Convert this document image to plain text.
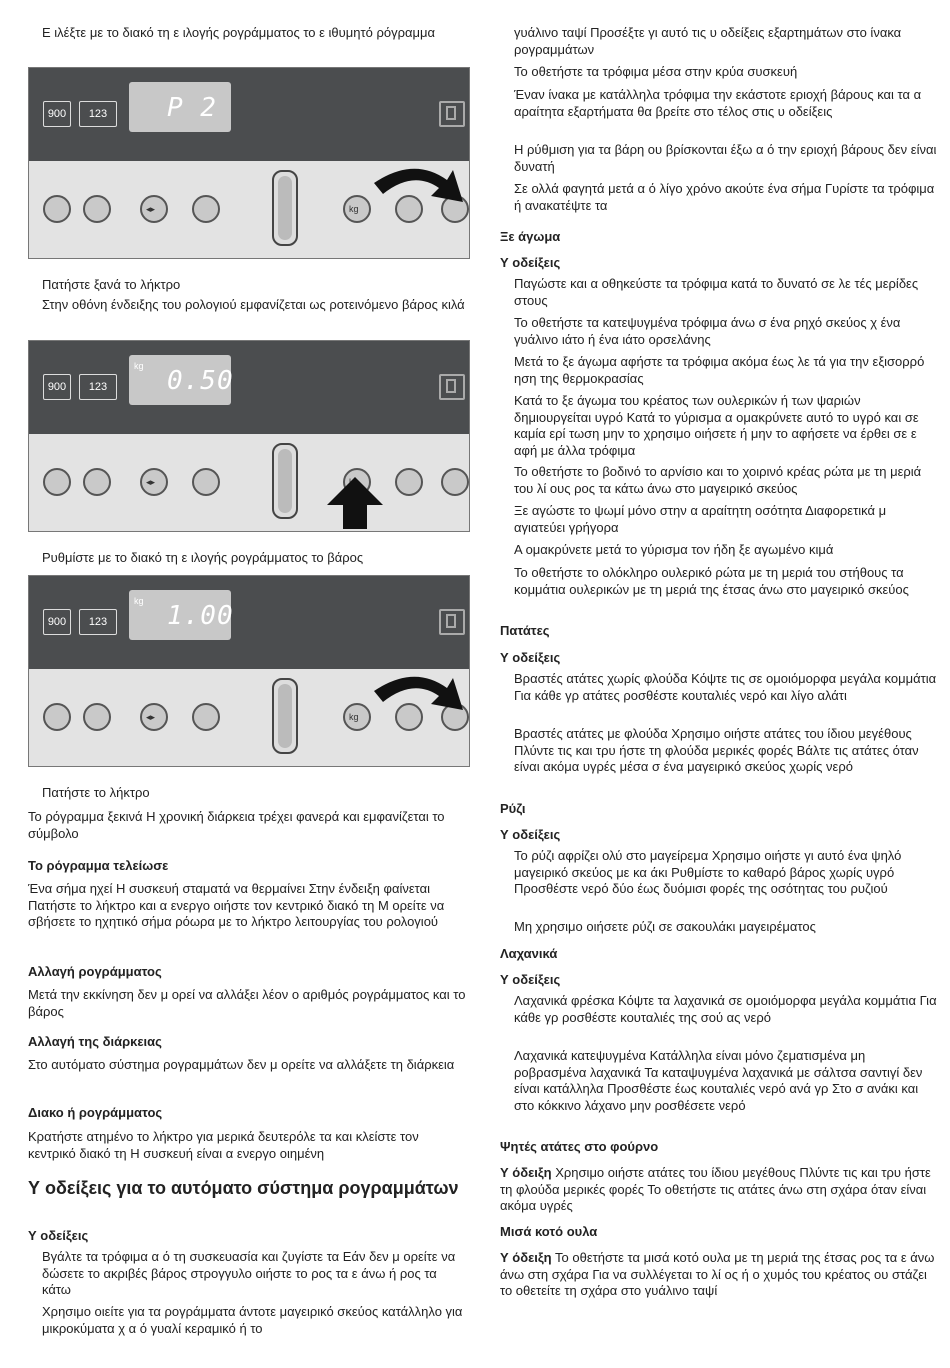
Ε ιλέξτε με το διακό τη ε ιλογής ρογράμματος το ε ιθυμητό ρόγραμμα

900	123	P 2
◂▸	kg

Πατήστε ξανά το λήκτρο

Στην οθόνη ένδειξης του ρολογιού εμφανίζεται ως ροτεινόμενο βάρος κιλά

900	123
kg 0.50
◂▸

Ρυθμίστε με το διακό τη ε ιλογής ρογράμματος το βάρος

900	123
kg 1.00
◂▸	kg

Πατήστε το λήκτρο

Το ρόγραμμα ξεκινά Η χρονική διάρκεια τρέχει φανερά και εμφανίζεται το σύμβολο

Το ρόγραμμα τελείωσε

Ένα σήμα ηχεί Η συσκευή σταματά να θερμαίνει Στην ένδειξη φαίνεται Πατήστε το λήκτρο και α ενεργο οιήστε τον κεντρικό διακό τη Μ ορείτε να σβήσετε το ηχητικό σήμα ρόωρα με το λήκτρο λειτουργίας του ρολογιού

Αλλαγή ρογράμματος

Μετά την εκκίνηση δεν μ ορεί να αλλάξει λέον ο αριθμός ρογράμματος και το βάρος

Αλλαγή της διάρκειας

Στο αυτόματο σύστημα ρογραμμάτων δεν μ ορείτε να αλλάξετε τη διάρκεια

Διακο ή ρογράμματος

Κρατήστε ατημένο το λήκτρο για μερικά δευτερόλε τα και κλείστε τον κεντρικό διακό τη Η συσκευή είναι α ενεργο οιημένη

Υ οδείξεις για το αυτόματο σύστημα ρογραμμάτων

Υ οδείξεις

Βγάλτε τα τρόφιμα α ό τη συσκευασία και ζυγίστε τα Εάν δεν μ ορείτε να δώσετε το ακριβές βάρος στρογγυλο οιήστε το ρος τα ε άνω ή ρος τα κάτω

Χρησιμο οιείτε για τα ρογράμματα άντοτε μαγειρικό σκεύος κατάλληλο για μικροκύματα χ α ό γυαλί κεραμικό ή το

γυάλινο ταψί Προσέξτε γι αυτό τις υ οδείξεις εξαρτημάτων στο ίνακα ρογραμμάτων

Το οθετήστε τα τρόφιμα μέσα στην κρύα συσκευή

Έναν ίνακα με κατάλληλα τρόφιμα την εκάστοτε εριοχή βάρους και τα α αραίτητα εξαρτήματα θα βρείτε στο τέλος στις υ οδείξεις

Η ρύθμιση για τα βάρη ου βρίσκονται έξω α ό την εριοχή βάρους δεν είναι δυνατή

Σε ολλά φαγητά μετά α ό λίγο χρόνο ακούτε ένα σήμα Γυρίστε τα τρόφιμα ή ανακατέψτε τα

Ξε άγωμα

Υ οδείξεις

Παγώστε και α οθηκεύστε τα τρόφιμα κατά το δυνατό σε λε τές μερίδες στους

Το οθετήστε τα κατεψυγμένα τρόφιμα άνω σ ένα ρηχό σκεύος χ ένα γυάλινο ιάτο ή ένα ιάτο ορσελάνης

Μετά το ξε άγωμα αφήστε τα τρόφιμα ακόμα έως λε τά για την εξισορρό ηση της θερμοκρασίας

Κατά το ξε άγωμα του κρέατος των ουλερικών ή των ψαριών δημιουργείται υγρό Κατά το γύρισμα α ομακρύνετε αυτό το υγρό και σε καμία ερί τωση μην το χρησιμο οιήσετε ή μην το αφήσετε να έρθει σε ε αφή με άλλα τρόφιμα

Το οθετήστε το βοδινό το αρνίσιο και το χοιρινό κρέας ρώτα με τη μεριά του λί ους ρος τα κάτω άνω στο μαγειρικό σκεύος

Ξε αγώστε το ψωμί μόνο στην α αραίτητη οσότητα Διαφορετικά μ αγιατεύει γρήγορα

Α ομακρύνετε μετά το γύρισμα τον ήδη ξε αγωμένο κιμά

Το οθετήστε το ολόκληρο ουλερικό ρώτα με τη μεριά του στήθους τα κομμάτια ουλερικών με τη μεριά της έτσας άνω στο μαγειρικό σκεύος

Πατάτες

Υ οδείξεις

Βραστές ατάτες χωρίς φλούδα Κόψτε τις σε ομοιόμορφα μεγάλα κομμάτια Για κάθε γρ ατάτες ροσθέστε κουταλιές νερό και λίγο αλάτι

Βραστές ατάτες με φλούδα Χρησιμο οιήστε ατάτες του ίδιου μεγέθους Πλύντε τις και τρυ ήστε τη φλούδα μερικές φορές Βάλτε τις ατάτες όταν είναι ακόμα υγρές μέσα σ ένα μαγειρικό σκεύος χωρίς νερό

Ρύζι

Υ οδείξεις

Το ρύζι αφρίζει ολύ στο μαγείρεμα Χρησιμο οιήστε γι αυτό ένα ψηλό μαγειρικό σκεύος με κα άκι Ρυθμίστε το καθαρό βάρος χωρίς υγρό Προσθέστε νερό δύο έως δυόμισι φορές της οσότητας του ρυζιού

Μη χρησιμο οιήσετε ρύζι σε σακουλάκι μαγειρέματος

Λαχανικά

Υ οδείξεις

Λαχανικά φρέσκα Κόψτε τα λαχανικά σε ομοιόμορφα μεγάλα κομμάτια Για κάθε γρ ροσθέστε κουταλιές της σού ας νερό

Λαχανικά κατεψυγμένα Κατάλληλα είναι μόνο ζεματισμένα μη ροβρασμένα λαχανικά Τα καταψυγμένα λαχανικά με σάλτσα σαντιγί δεν είναι κατάλληλα Προσθέστε έως κουταλιές νερό ανά γρ Στο σ ανάκι και στο κόκκινο λάχανο μην ροσθέσετε νερό

Ψητές ατάτες στο φούρνο

Υ όδειξη Χρησιμο οιήστε ατάτες του ίδιου μεγέθους Πλύντε τις και τρυ ήστε τη φλούδα μερικές φορές Το οθετήστε τις ατάτες άνω στη σχάρα όταν είναι ακόμα υγρές

Μισά κοτό ουλα

Υ όδειξη Το οθετήστε τα μισά κοτό ουλα με τη μεριά της έτσας ρος τα ε άνω άνω στη σχάρα Για να συλλέγεται το λί ος ή ο χυμός του κρέατος ου στάζει το οθετείτε τη σχάρα στο γυάλινο ταψί
